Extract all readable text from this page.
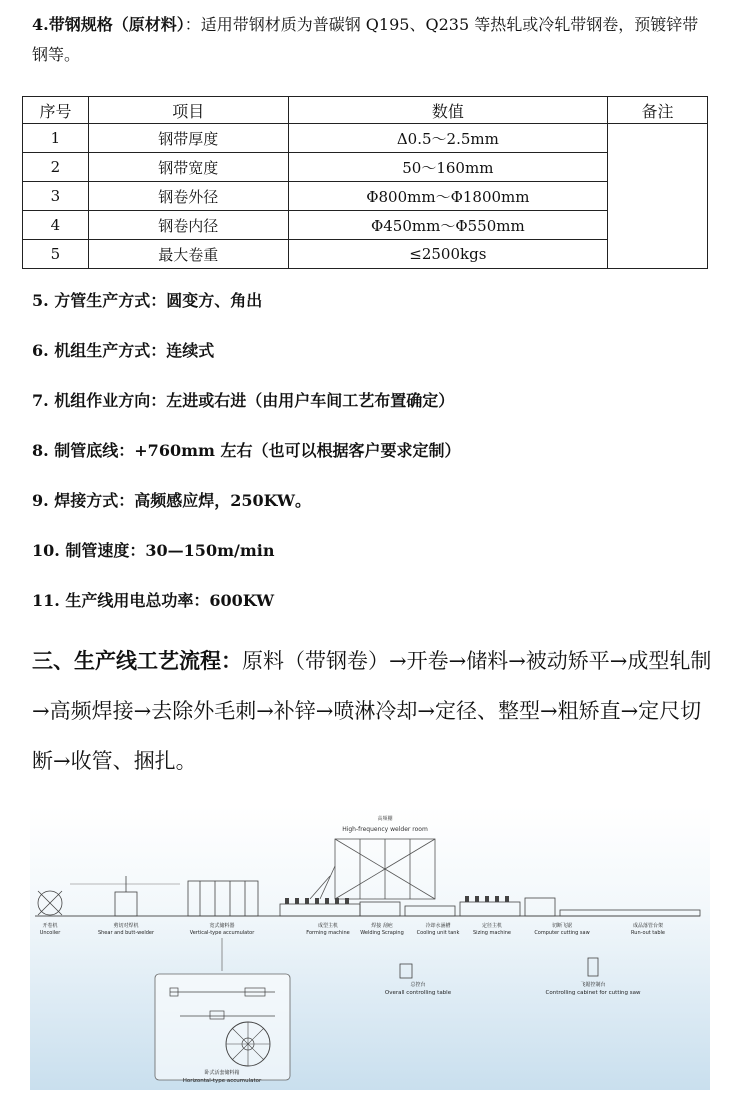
4.带钢规格（原材料）：适用带钢材质为普碳钢 Q195、Q235 等热轧或冷轧带钢卷，预镀锌带钢等。
序号	项目	数值	备注
1	钢带厚度	Δ0.5～2.5mm	
2	钢带宽度	50～160mm	
3	钢卷外径	Φ800mm～Φ1800mm	
4	钢卷内径	Φ450mm～Φ550mm	
5	最大卷重	≤2500kgs	
5. 方管生产方式：圆变方、角出
6. 机组生产方式：连续式
7. 机组作业方向：左进或右进（由用户车间工艺布置确定）
8. 制管底线：+760mm 左右（也可以根据客户要求定制）
9. 焊接方式：高频感应焊，250KW。
10. 制管速度：30—150m/min
11. 生产线用电总功率：600KW
三、生产线工艺流程：原料（带钢卷）→开卷→储料→被动矫平→成型轧制→高频焊接→去除外毛刺→补锌→喷淋冷却→定径、整型→粗矫直→定尺切断→收管、捆扎。
高频棚
High-frequency welder room
开卷机
Uncoiler
剪切对焊机
Shear and butt-welder
宽式储料器
Vertical-type accumulator
成型主机
Forming machine
焊接 刮疤
Welding Scraping
冷却水涵槽
Cooling unit tank
定径主机
Sizing machine
切断飞锯
Computer cutting saw
成品落管台架
Run-out table
总控台
Overall controlling table
飞锯控制台
Controlling cabinet for cutting saw
卧式活套储料箱
Horizontal-type accumulator
